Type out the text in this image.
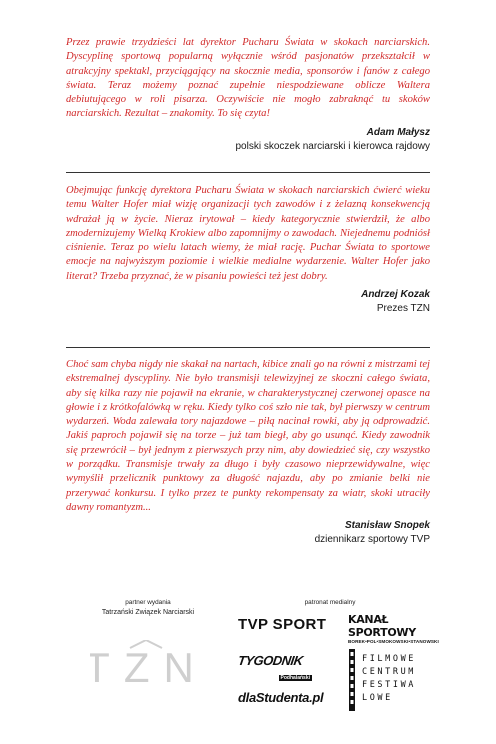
Przez prawie trzydzieści lat dyrektor Pucharu Świata w skokach narciarskich. Dyscyplinę sportową popularną wyłącznie wśród pasjonatów przekształcił w atrakcyjny spektakl, przyciągający na skocznie media, sponsorów i fanów z całego świata. Teraz możemy poznać zupełnie niespodziewane oblicze Waltera debiutującego w roli pisarza. Oczywiście nie mogło zabraknąć tu skoków narciarskich. Rezultat – znakomity. To się czyta!

Adam Małysz
polski skoczek narciarski i kierowca rajdowy

Obejmując funkcję dyrektora Pucharu Świata w skokach narciarskich ćwierć wieku temu Walter Hofer miał wizję organizacji tych zawodów i z żelazną konsekwencją wdrażał ją w życie. Nieraz irytował – kiedy kategorycznie stwierdził, że albo zmodernizujemy Wielką Krokiew albo zapomnijmy o zawodach. Niejednemu podniósł ciśnienie. Teraz po wielu latach wiemy, że miał rację. Puchar Świata to sportowe emocje na najwyższym poziomie i wielkie medialne wydarzenie. Walter Hofer jako literat? Trzeba przyznać, że w pisaniu powieści też jest dobry.

Andrzej Kozak
Prezes TZN

Choć sam chyba nigdy nie skakał na nartach, kibice znali go na równi z mistrzami tej ekstremalnej dyscypliny. Nie było transmisji telewizyjnej ze skoczni całego świata, aby się kilka razy nie pojawił na ekranie, w charakterystycznej czerwonej opasce na głowie i z krótkofalówką w ręku. Kiedy tylko coś szło nie tak, był pierwszy w centrum wydarzeń. Woda zalewała tory najazdowe – piłą nacinał rowki, aby ją odprowadzić. Jakiś paproch pojawił się na torze – już tam biegł, aby go usunąć. Kiedy zawodnik się przewrócił – był jednym z pierwszych przy nim, aby dowiedzieć się, czy wszystko w porządku. Transmisje trwały za długo i były czasowo nieprzewidywalne, więc wymyślił przelicznik punktowy za długość najazdu, aby po zmianie belki nie przerywać konkursu. I tylko przez te punkty rekompensaty za wiatr, skoki utraciły dawny romantyzm...

Stanisław Snopek
dziennikarz sportowy TVP
partner wydania
Tatrzański Związek Narciarski
TZN
patronat medialny
TVP SPORT KANAŁ SPORTOWY
BOREK•POL•SMOKOWSKI•STANOWSKI
TYGODNIK
Podhalański
dlaStudenta.pl
FILMOWE
CENTRUM
FESTIWA
LOWE
